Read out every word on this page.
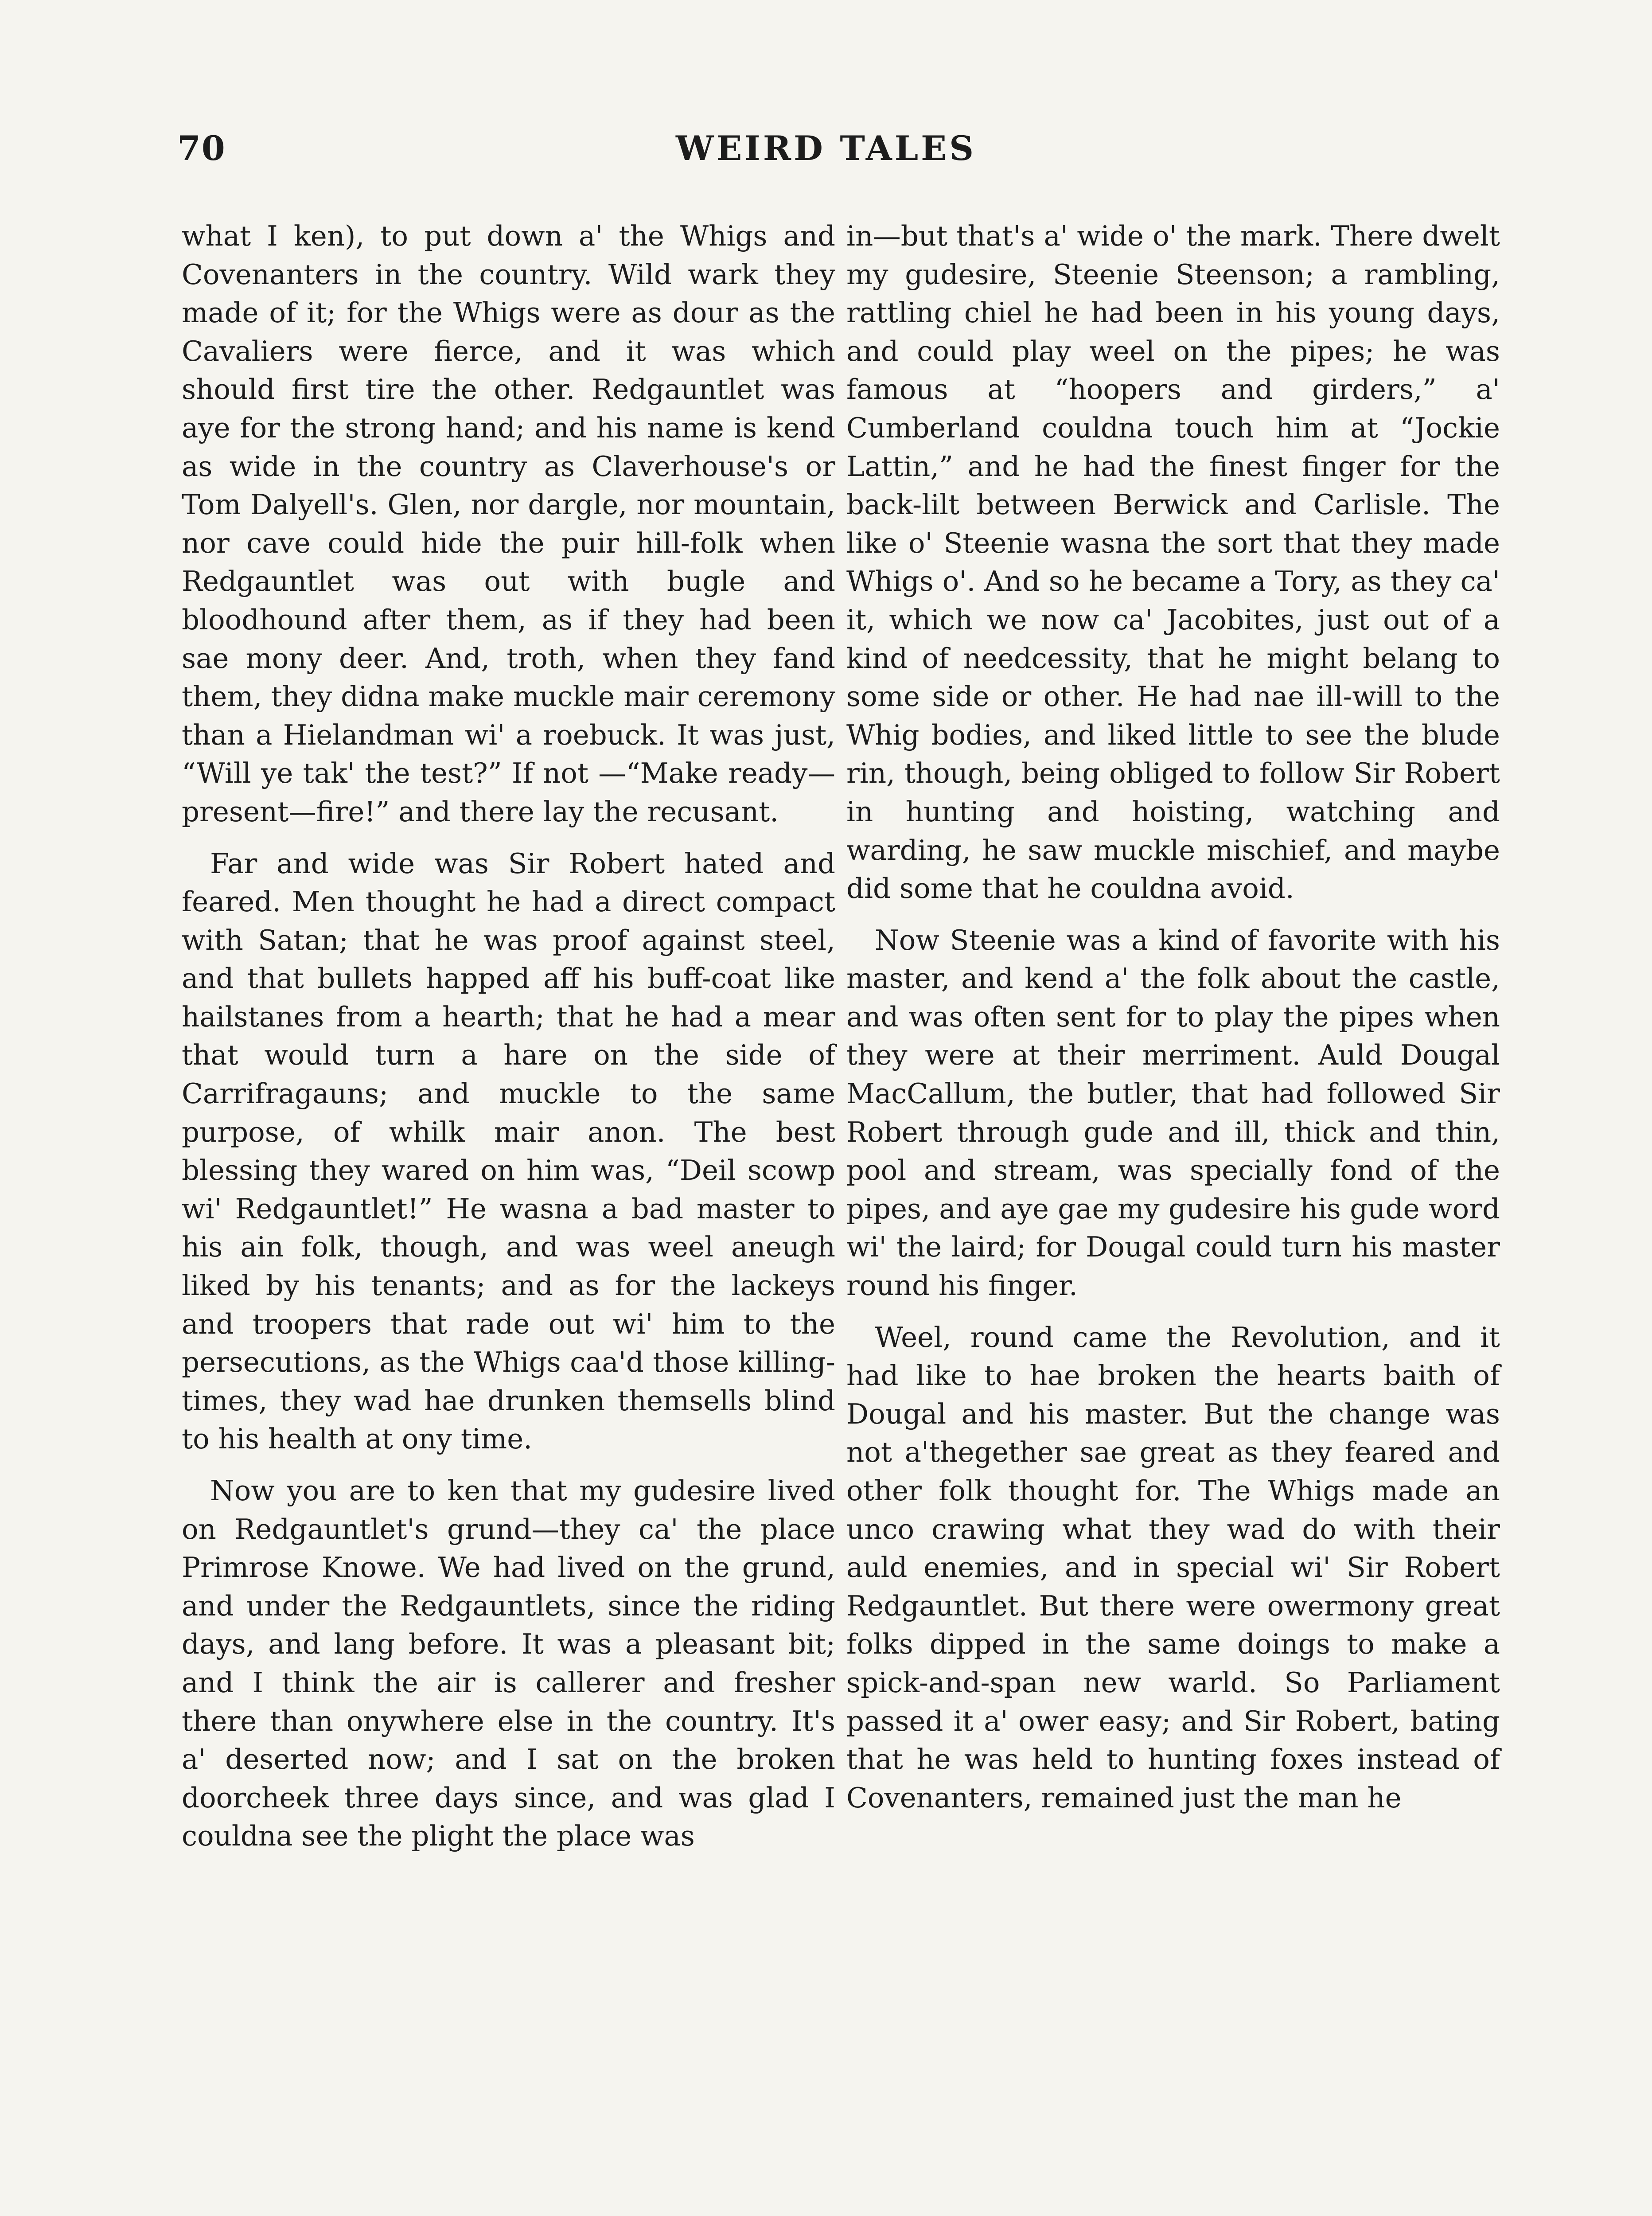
70	WEIRD TALES

what I ken), to put down a' the Whigs and Covenanters in the country. Wild wark they made of it; for the Whigs were as dour as the Cavaliers were fierce, and it was which should first tire the other. Redgauntlet was aye for the strong hand; and his name is kend as wide in the country as Claverhouse's or Tom Dalyell's. Glen, nor dargle, nor mountain, nor cave could hide the puir hill-folk when Redgauntlet was out with bugle and bloodhound after them, as if they had been sae mony deer. And, troth, when they fand them, they didna make muckle mair ceremony than a Hielandman wi' a roebuck. It was just, “Will ye tak' the test?” If not —“Make ready—present—fire!” and there lay the recusant.

Far and wide was Sir Robert hated and feared. Men thought he had a direct compact with Satan; that he was proof against steel, and that bullets happed aff his buff-coat like hailstanes from a hearth; that he had a mear that would turn a hare on the side of Carrifragauns; and muckle to the same purpose, of whilk mair anon. The best blessing they wared on him was, “Deil scowp wi' Redgauntlet!” He wasna a bad master to his ain folk, though, and was weel aneugh liked by his tenants; and as for the lackeys and troopers that rade out wi' him to the persecutions, as the Whigs caa'd those killing-times, they wad hae drunken themsells blind to his health at ony time.

Now you are to ken that my gudesire lived on Redgauntlet's grund—they ca' the place Primrose Knowe. We had lived on the grund, and under the Redgauntlets, since the riding days, and lang before. It was a pleasant bit; and I think the air is callerer and fresher there than onywhere else in the country. It's a' deserted now; and I sat on the broken doorcheek three days since, and was glad I couldna see the plight the place was

in—but that's a' wide o' the mark. There dwelt my gudesire, Steenie Steenson; a rambling, rattling chiel he had been in his young days, and could play weel on the pipes; he was famous at “hoopers and girders,” a' Cumberland couldna touch him at “Jockie Lattin,” and he had the finest finger for the back-lilt between Berwick and Carlisle. The like o' Steenie wasna the sort that they made Whigs o'. And so he became a Tory, as they ca' it, which we now ca' Jacobites, just out of a kind of needcessity, that he might belang to some side or other. He had nae ill-will to the Whig bodies, and liked little to see the blude rin, though, being obliged to follow Sir Robert in hunting and hoisting, watching and warding, he saw muckle mischief, and maybe did some that he couldna avoid.

Now Steenie was a kind of favorite with his master, and kend a' the folk about the castle, and was often sent for to play the pipes when they were at their merriment. Auld Dougal MacCallum, the butler, that had followed Sir Robert through gude and ill, thick and thin, pool and stream, was specially fond of the pipes, and aye gae my gudesire his gude word wi' the laird; for Dougal could turn his master round his finger.

Weel, round came the Revolution, and it had like to hae broken the hearts baith of Dougal and his master. But the change was not a'thegether sae great as they feared and other folk thought for. The Whigs made an unco crawing what they wad do with their auld enemies, and in special wi' Sir Robert Redgauntlet. But there were owermony great folks dipped in the same doings to make a spick-and-span new warld. So Parliament passed it a' ower easy; and Sir Robert, bating that he was held to hunting foxes instead of Covenanters, remained just the man he
